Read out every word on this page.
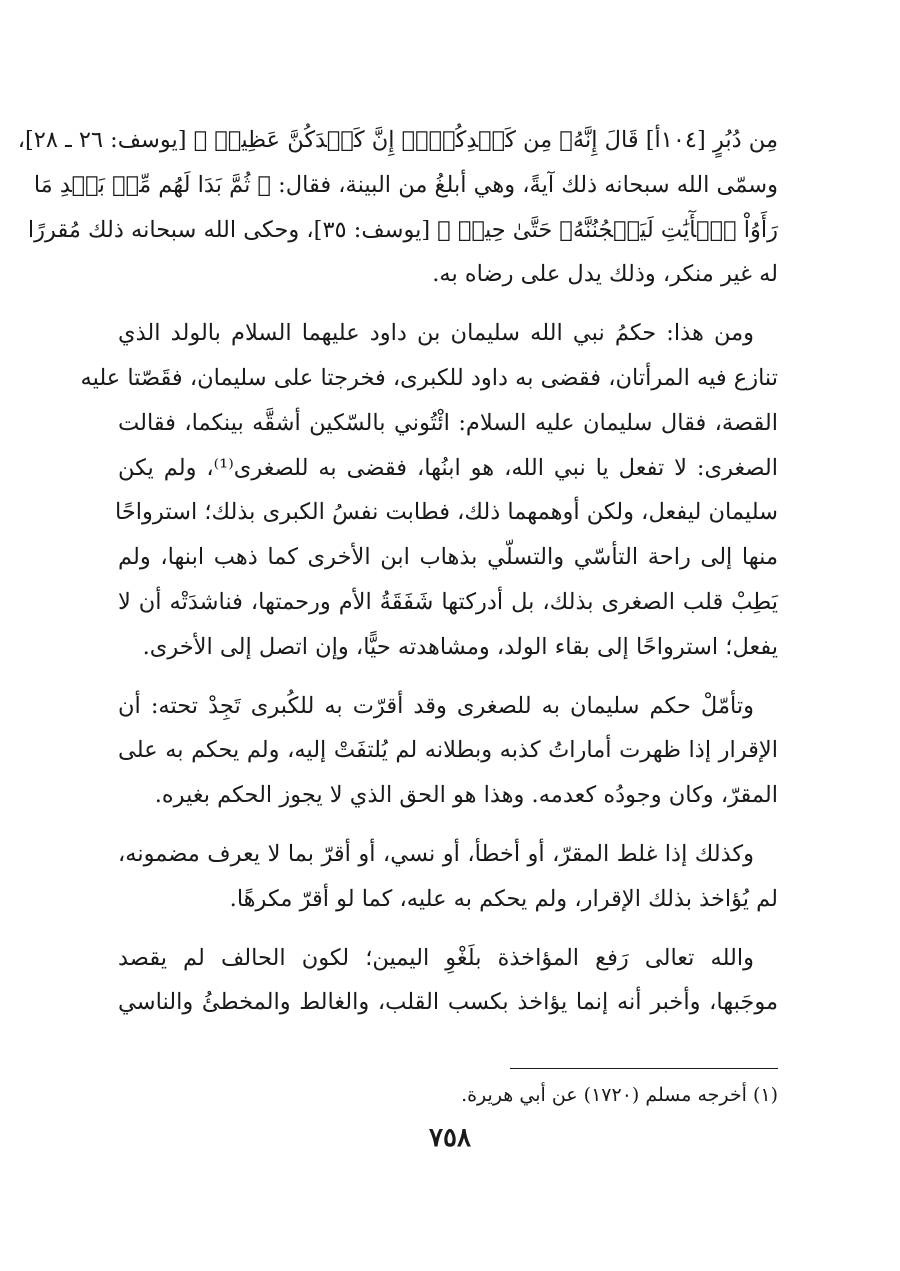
مِن دُبُرٍ [١٠٤أ] قَالَ إِنَّهُۥ مِن كَيۡدِكُنَّۖ إِنَّ كَيۡدَكُنَّ عَظِيمٞ ﴾ [يوسف: ٢٦ ـ ٢٨]،
وسمّى الله سبحانه ذلك آيةً، وهي أبلغُ من البينة، فقال: ﴿ ثُمَّ بَدَا لَهُم مِّنۢ بَعۡدِ مَا
رَأَوُاْ ٱلۡأٓيَٰتِ لَيَسۡجُنُنَّهُۥ حَتَّىٰ حِينٖ ﴾ [يوسف: ٣٥]، وحكى الله سبحانه ذلك مُقررًا
له غير منكر، وذلك يدل على رضاه به.
ومن هذا: حكمُ نبي الله سليمان بن داود عليهما السلام بالولد الذي
تنازع فيه المرأتان، فقضى به داود للكبرى، فخرجتا على سليمان، فقَصّتا عليه
القصة، فقال سليمان عليه السلام: ائْتُوني بالسّكين أشقَّه بينكما، فقالت
الصغرى: لا تفعل يا نبي الله، هو ابنُها، فقضى به للصغرى⁽¹⁾، ولم يكن
سليمان ليفعل، ولكن أوهمهما ذلك، فطابت نفسُ الكبرى بذلك؛ استرواحًا
منها إلى راحة التأسّي والتسلّي بذهاب ابن الأخرى كما ذهب ابنها، ولم
يَطِبْ قلب الصغرى بذلك، بل أدركتها شَفَقَةُ الأم ورحمتها، فناشدَتْه أن لا
يفعل؛ استرواحًا إلى بقاء الولد، ومشاهدته حيًّا، وإن اتصل إلى الأخرى.
وتأمّلْ حكم سليمان به للصغرى وقد أقرّت به للكُبرى تَجِدْ تحته: أن
الإقرار إذا ظهرت أماراتُ كذبه وبطلانه لم يُلتفَتْ إليه، ولم يحكم به على
المقرّ، وكان وجودُه كعدمه. وهذا هو الحق الذي لا يجوز الحكم بغيره.
وكذلك إذا غلط المقرّ، أو أخطأ، أو نسي، أو أقرّ بما لا يعرف مضمونه،
لم يُؤاخذ بذلك الإقرار، ولم يحكم به عليه، كما لو أقرّ مكرهًا.
والله تعالى رَفع المؤاخذة بلَغْوِ اليمين؛ لكون الحالف لم يقصد
موجَبها، وأخبر أنه إنما يؤاخذ بكسب القلب، والغالط والمخطئُ والناسي
(١) أخرجه مسلم (١٧٢٠) عن أبي هريرة.
٧٥٨
